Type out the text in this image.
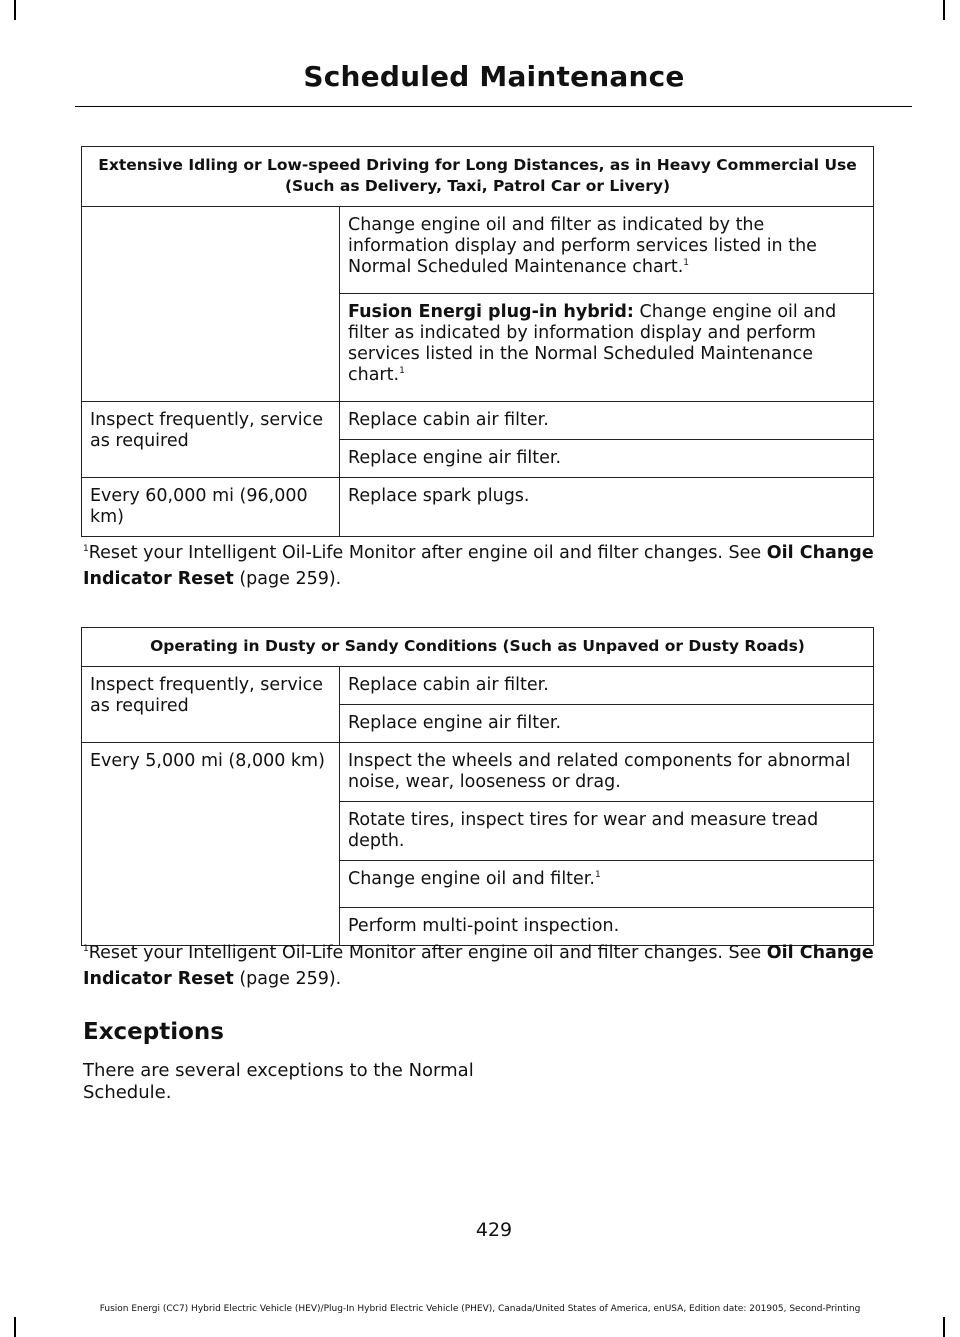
Scheduled Maintenance
Extensive Idling or Low-speed Driving for Long Distances, as in Heavy Commercial Use
(Such as Delivery, Taxi, Patrol Car or Livery)	
	Change engine oil and filter as indicated by the information display and perform services listed in the Normal Scheduled Maintenance chart.$^1$
	Fusion Energi plug-in hybrid: Change engine oil and filter as indicated by information display and perform services listed in the Normal Scheduled Maintenance chart.$^1$
Inspect frequently, service as required	Replace cabin air filter.
	Replace engine air filter.
Every 60,000 mi (96,000 km)	Replace spark plugs.
$^1$Reset your Intelligent Oil-Life Monitor after engine oil and filter changes. See Oil Change Indicator Reset (page 259).
Operating in Dusty or Sandy Conditions (Such as Unpaved or Dusty Roads)	
Inspect frequently, service as required	Replace cabin air filter.
	Replace engine air filter.
Every 5,000 mi (8,000 km)	Inspect the wheels and related components for abnormal noise, wear, looseness or drag.
	Rotate tires, inspect tires for wear and measure tread depth.
	Change engine oil and filter.$^1$
	Perform multi-point inspection.
$^1$Reset your Intelligent Oil-Life Monitor after engine oil and filter changes. See Oil Change Indicator Reset (page 259).
Exceptions
There are several exceptions to the Normal Schedule.
429
Fusion Energi (CC7) Hybrid Electric Vehicle (HEV)/Plug-In Hybrid Electric Vehicle (PHEV), Canada/United States of America, enUSA, Edition date: 201905, Second-Printing
